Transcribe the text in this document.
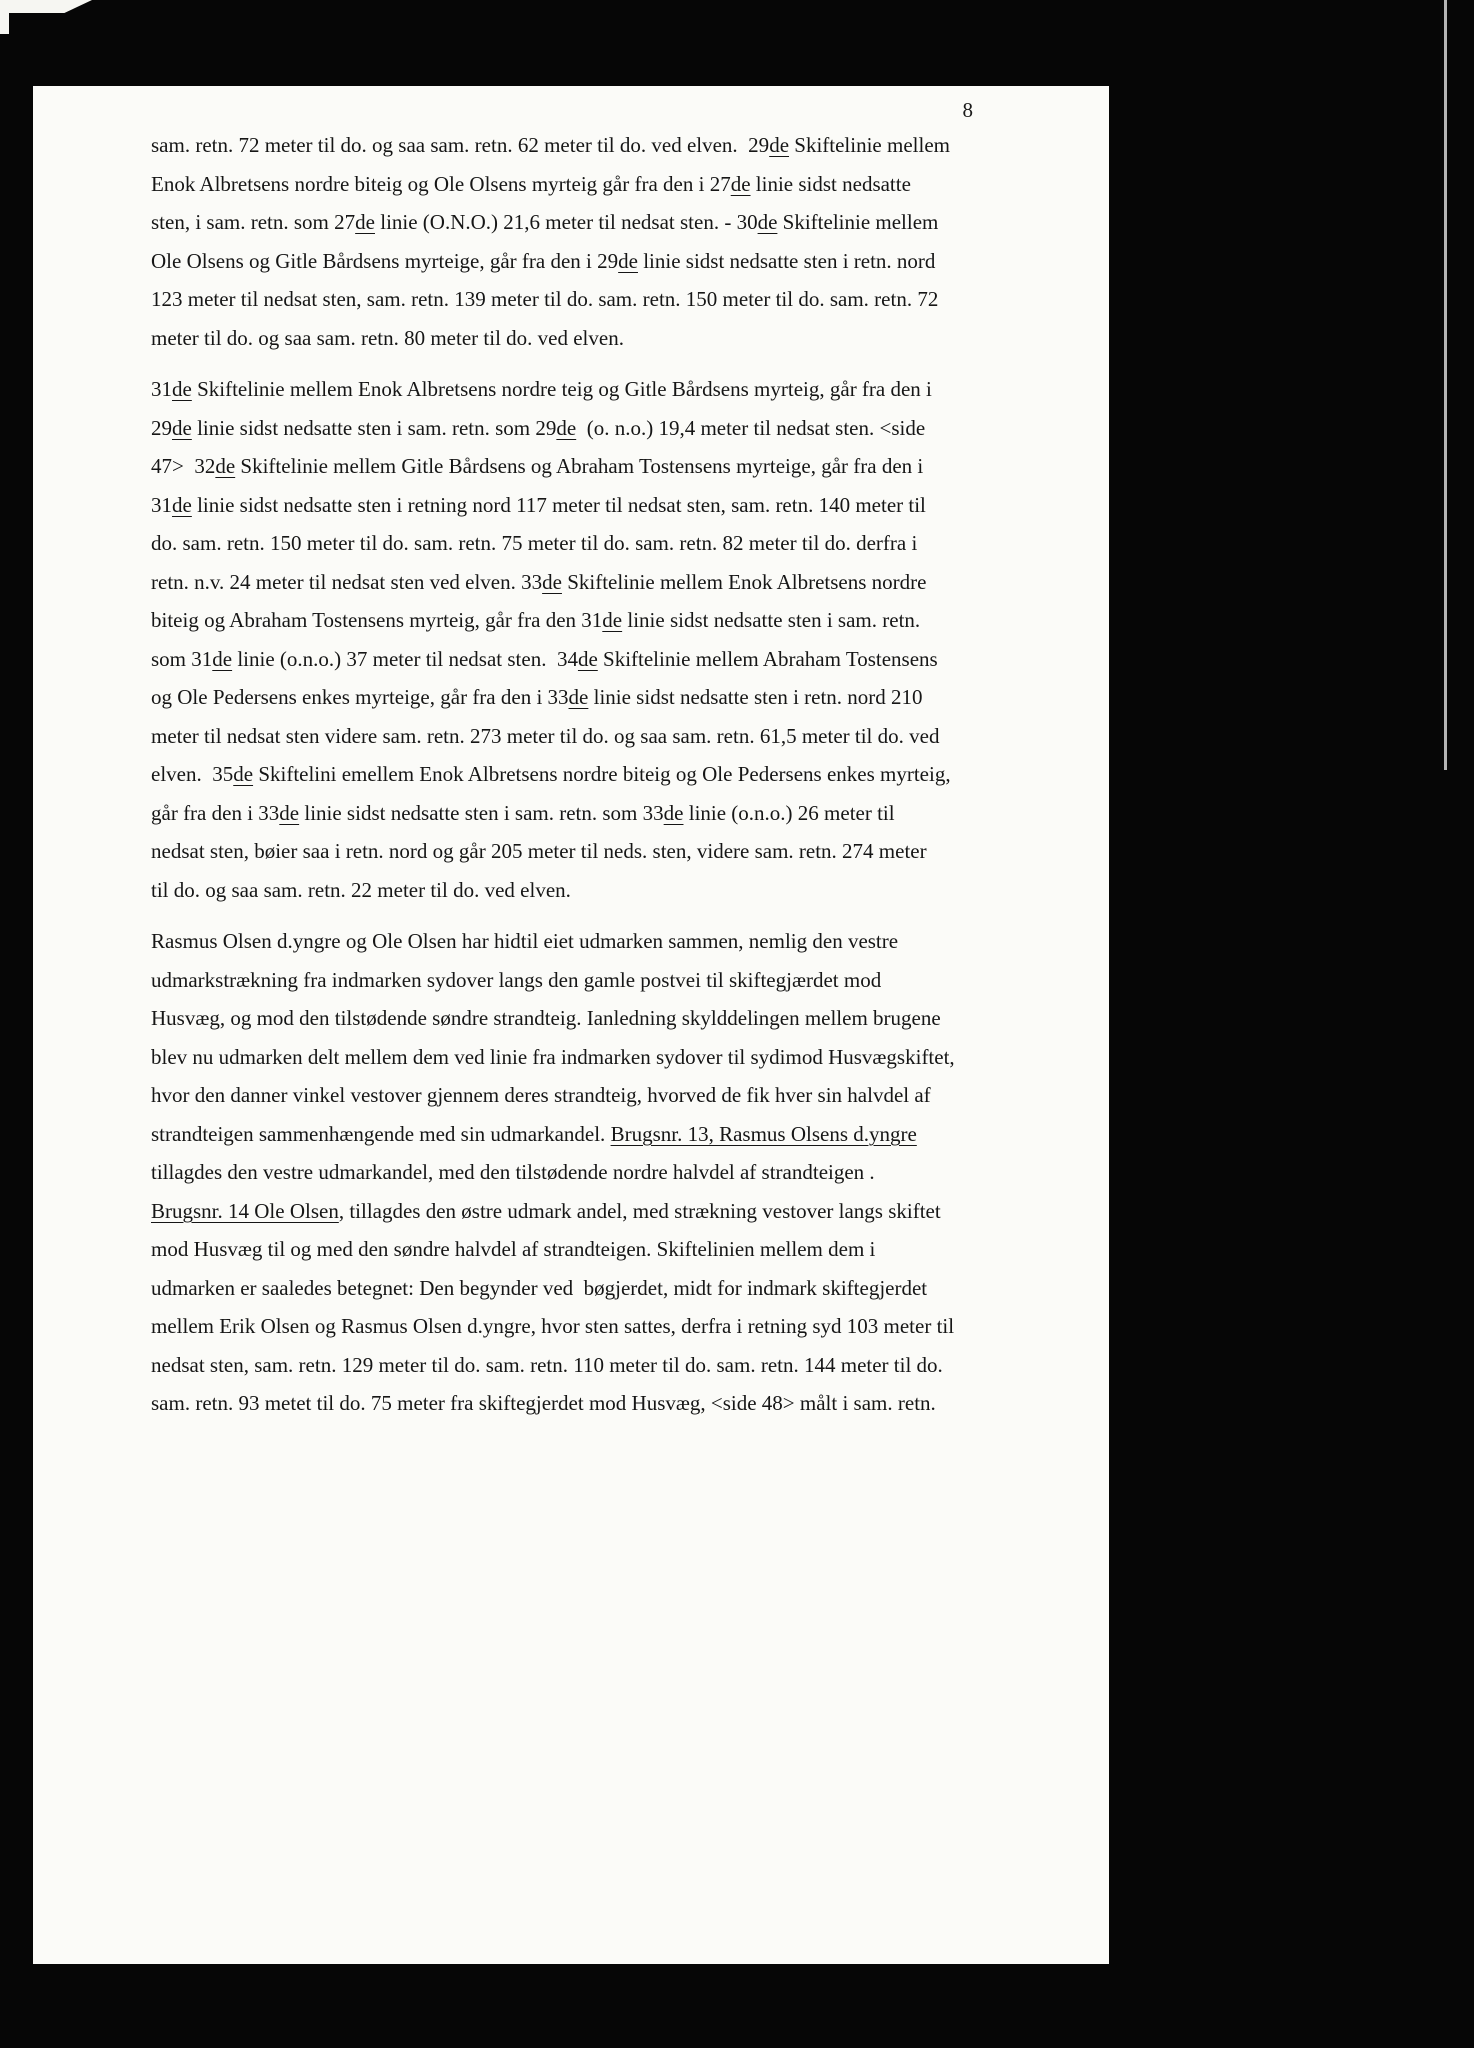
8
sam. retn. 72 meter til do. og saa sam. retn. 62 meter til do. ved elven.  29de Skiftelinie mellem
Enok Albretsens nordre biteig og Ole Olsens myrteig går fra den i 27de linie sidst nedsatte
sten, i sam. retn. som 27de linie (O.N.O.) 21,6 meter til nedsat sten. - 30de Skiftelinie mellem
Ole Olsens og Gitle Bårdsens myrteige, går fra den i 29de linie sidst nedsatte sten i retn. nord
123 meter til nedsat sten, sam. retn. 139 meter til do. sam. retn. 150 meter til do. sam. retn. 72
meter til do. og saa sam. retn. 80 meter til do. ved elven.
31de Skiftelinie mellem Enok Albretsens nordre teig og Gitle Bårdsens myrteig, går fra den i
29de linie sidst nedsatte sten i sam. retn. som 29de  (o. n.o.) 19,4 meter til nedsat sten. <side
47>  32de Skiftelinie mellem Gitle Bårdsens og Abraham Tostensens myrteige, går fra den i
31de linie sidst nedsatte sten i retning nord 117 meter til nedsat sten, sam. retn. 140 meter til
do. sam. retn. 150 meter til do. sam. retn. 75 meter til do. sam. retn. 82 meter til do. derfra i
retn. n.v. 24 meter til nedsat sten ved elven. 33de Skiftelinie mellem Enok Albretsens nordre
biteig og Abraham Tostensens myrteig, går fra den 31de linie sidst nedsatte sten i sam. retn.
som 31de linie (o.n.o.) 37 meter til nedsat sten.  34de Skiftelinie mellem Abraham Tostensens
og Ole Pedersens enkes myrteige, går fra den i 33de linie sidst nedsatte sten i retn. nord 210
meter til nedsat sten videre sam. retn. 273 meter til do. og saa sam. retn. 61,5 meter til do. ved
elven.  35de Skiftelini emellem Enok Albretsens nordre biteig og Ole Pedersens enkes myrteig,
går fra den i 33de linie sidst nedsatte sten i sam. retn. som 33de linie (o.n.o.) 26 meter til
nedsat sten, bøier saa i retn. nord og går 205 meter til neds. sten, videre sam. retn. 274 meter
til do. og saa sam. retn. 22 meter til do. ved elven.
Rasmus Olsen d.yngre og Ole Olsen har hidtil eiet udmarken sammen, nemlig den vestre
udmarkstrækning fra indmarken sydover langs den gamle postvei til skiftegjærdet mod
Husvæg, og mod den tilstødende søndre strandteig. Ianledning skylddelingen mellem brugene
blev nu udmarken delt mellem dem ved linie fra indmarken sydover til sydimod Husvægskiftet,
hvor den danner vinkel vestover gjennem deres strandteig, hvorved de fik hver sin halvdel af
strandteigen sammenhængende med sin udmarkandel. Brugsnr. 13, Rasmus Olsens d.yngre
tillagdes den vestre udmarkandel, med den tilstødende nordre halvdel af strandteigen .
Brugsnr. 14 Ole Olsen, tillagdes den østre udmark andel, med strækning vestover langs skiftet
mod Husvæg til og med den søndre halvdel af strandteigen. Skiftelinien mellem dem i
udmarken er saaledes betegnet: Den begynder ved  bøgjerdet, midt for indmark skiftegjerdet
mellem Erik Olsen og Rasmus Olsen d.yngre, hvor sten sattes, derfra i retning syd 103 meter til
nedsat sten, sam. retn. 129 meter til do. sam. retn. 110 meter til do. sam. retn. 144 meter til do.
sam. retn. 93 metet til do. 75 meter fra skiftegjerdet mod Husvæg, <side 48> målt i sam. retn.
